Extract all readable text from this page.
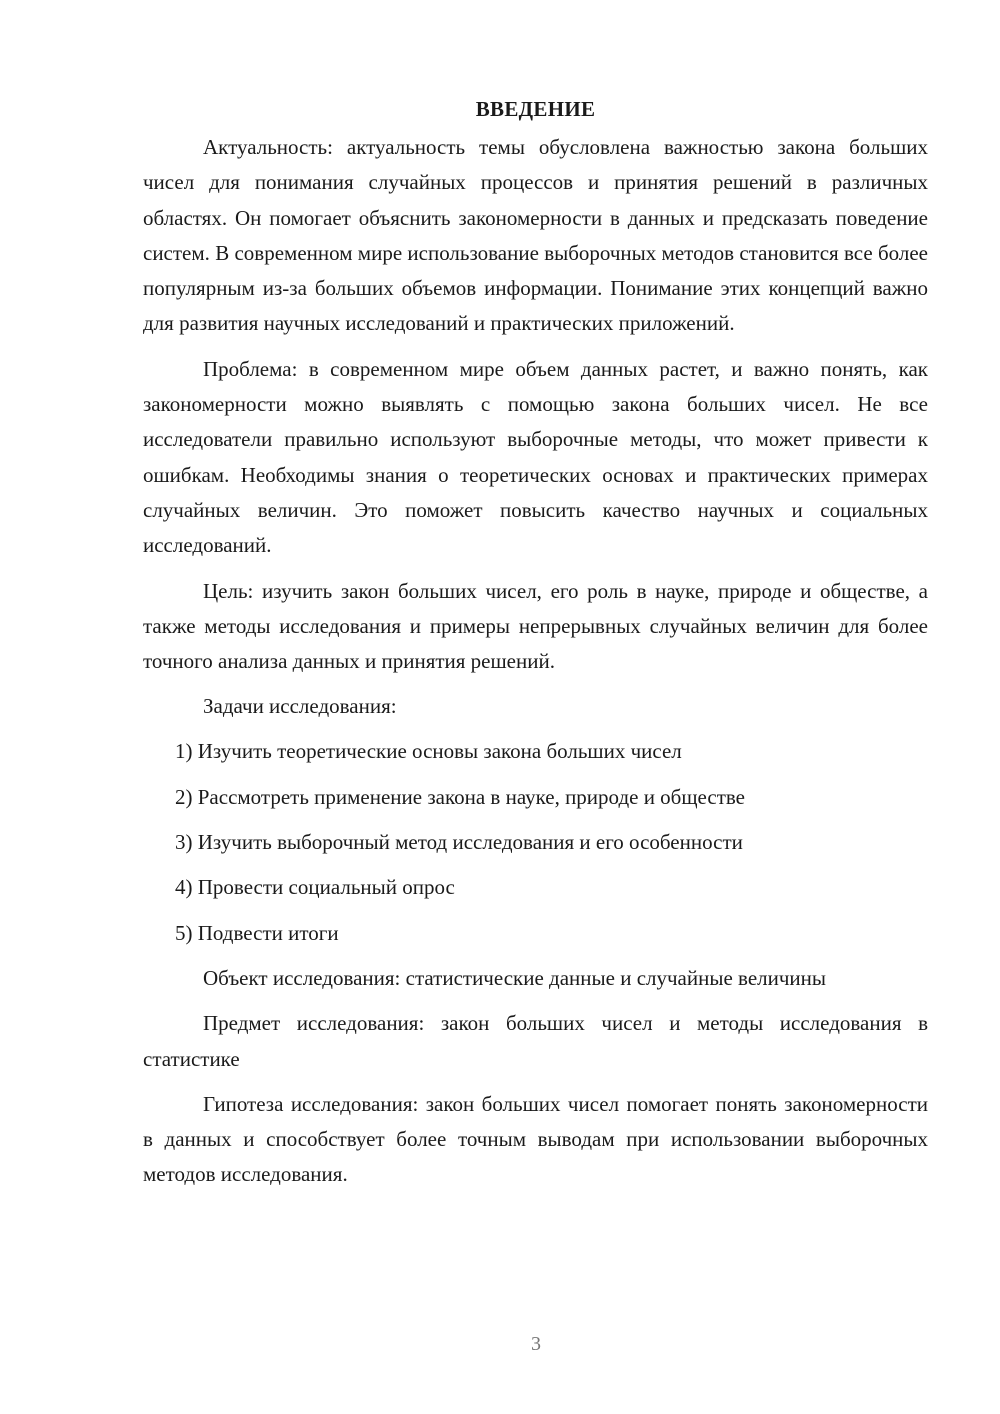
ВВЕДЕНИЕ

Актуальность: актуальность темы обусловлена важностью закона больших чисел для понимания случайных процессов и принятия решений в различных областях. Он помогает объяснить закономерности в данных и предсказать поведение систем. В современном мире использование выборочных методов становится все более популярным из-за больших объемов информации. Понимание этих концепций важно для развития научных исследований и практических приложений.

Проблема: в современном мире объем данных растет, и важно понять, как закономерности можно выявлять с помощью закона больших чисел. Не все исследователи правильно используют выборочные методы, что может привести к ошибкам. Необходимы знания о теоретических основах и практических примерах случайных величин. Это поможет повысить качество научных и социальных исследований.

Цель: изучить закон больших чисел, его роль в науке, природе и обществе, а также методы исследования и примеры непрерывных случайных величин для более точного анализа данных и принятия решений.

Задачи исследования:
1) Изучить теоретические основы закона больших чисел
2) Рассмотреть применение закона в науке, природе и обществе
3) Изучить выборочный метод исследования и его особенности
4) Провести социальный опрос
5) Подвести итоги

Объект исследования: статистические данные и случайные величины

Предмет исследования: закон больших чисел и методы исследования в статистике

Гипотеза исследования: закон больших чисел помогает понять закономерности в данных и способствует более точным выводам при использовании выборочных методов исследования.

3
